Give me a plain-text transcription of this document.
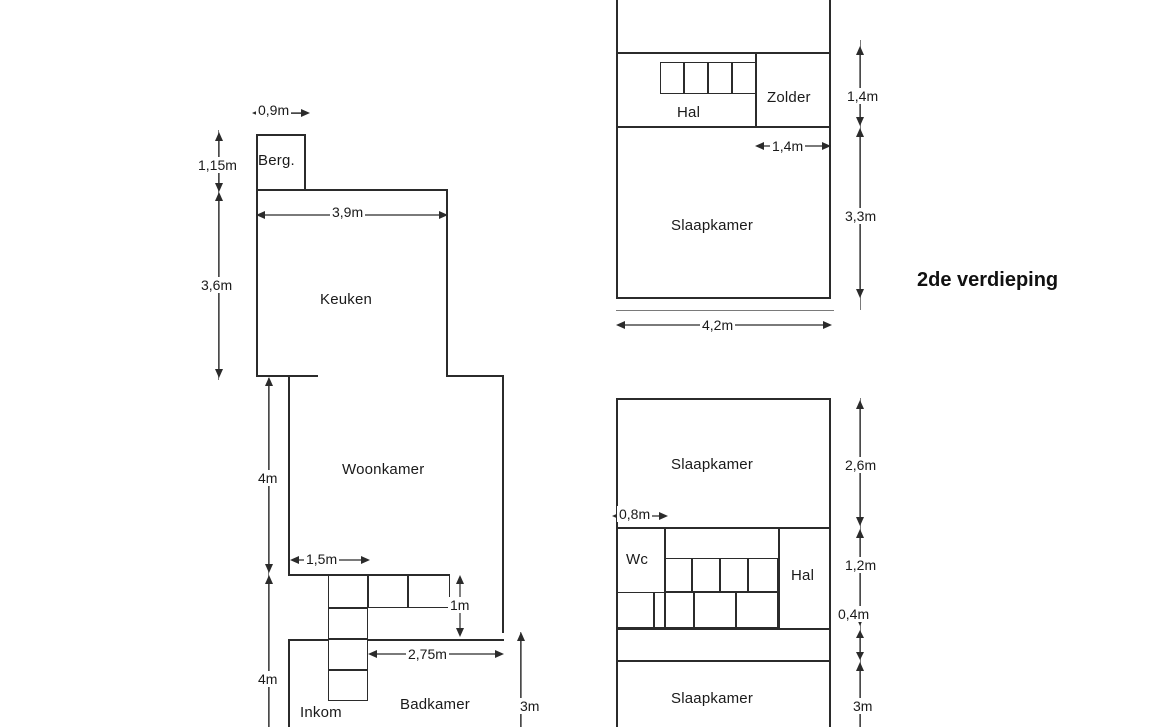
Berg.
Keuken
Woonkamer
Inkom	Badkamer
0,9m
1,15m
3,9m
3,6m
4m
1,5m
1m
2,75m
4m
3m
Hal
Zolder
Slaapkamer

1,4m
1,4m
3,3m
4,2m
2de verdieping
Slaapkamer
Wc
Hal
Slaapkamer
2,6m
0,8m
1,2m
0,4m
3m
